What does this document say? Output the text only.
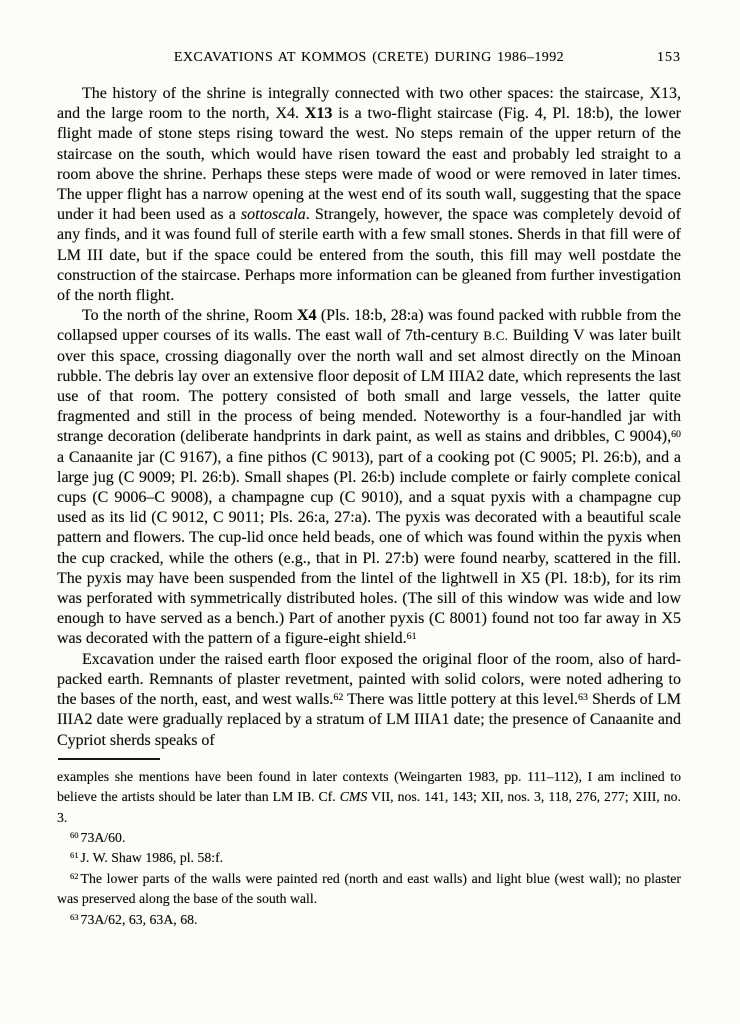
EXCAVATIONS AT KOMMOS (CRETE) DURING 1986–1992	153

The history of the shrine is integrally connected with two other spaces: the staircase, X13, and the large room to the north, X4. X13 is a two-flight staircase (Fig. 4, Pl. 18:b), the lower flight made of stone steps rising toward the west. No steps remain of the upper return of the staircase on the south, which would have risen toward the east and probably led straight to a room above the shrine. Perhaps these steps were made of wood or were removed in later times. The upper flight has a narrow opening at the west end of its south wall, suggesting that the space under it had been used as a sottoscala. Strangely, however, the space was completely devoid of any finds, and it was found full of sterile earth with a few small stones. Sherds in that fill were of LM III date, but if the space could be entered from the south, this fill may well postdate the construction of the staircase. Perhaps more information can be gleaned from further investigation of the north flight.

To the north of the shrine, Room X4 (Pls. 18:b, 28:a) was found packed with rubble from the collapsed upper courses of its walls. The east wall of 7th-century B.C. Building V was later built over this space, crossing diagonally over the north wall and set almost directly on the Minoan rubble. The debris lay over an extensive floor deposit of LM IIIA2 date, which represents the last use of that room. The pottery consisted of both small and large vessels, the latter quite fragmented and still in the process of being mended. Noteworthy is a four-handled jar with strange decoration (deliberate handprints in dark paint, as well as stains and dribbles, C 9004),$^{60}$ a Canaanite jar (C 9167), a fine pithos (C 9013), part of a cooking pot (C 9005; Pl. 26:b), and a large jug (C 9009; Pl. 26:b). Small shapes (Pl. 26:b) include complete or fairly complete conical cups (C 9006–C 9008), a champagne cup (C 9010), and a squat pyxis with a champagne cup used as its lid (C 9012, C 9011; Pls. 26:a, 27:a). The pyxis was decorated with a beautiful scale pattern and flowers. The cup-lid once held beads, one of which was found within the pyxis when the cup cracked, while the others (e.g., that in Pl. 27:b) were found nearby, scattered in the fill. The pyxis may have been suspended from the lintel of the lightwell in X5 (Pl. 18:b), for its rim was perforated with symmetrically distributed holes. (The sill of this window was wide and low enough to have served as a bench.) Part of another pyxis (C 8001) found not too far away in X5 was decorated with the pattern of a figure-eight shield.$^{61}$

Excavation under the raised earth floor exposed the original floor of the room, also of hard-packed earth. Remnants of plaster revetment, painted with solid colors, were noted adhering to the bases of the north, east, and west walls.$^{62}$ There was little pottery at this level.$^{63}$ Sherds of LM IIIA2 date were gradually replaced by a stratum of LM IIIA1 date; the presence of Canaanite and Cypriot sherds speaks of

examples she mentions have been found in later contexts (Weingarten 1983, pp. 111–112), I am inclined to believe the artists should be later than LM IB. Cf. CMS VII, nos. 141, 143; XII, nos. 3, 118, 276, 277; XIII, no. 3.

$^{60}$ 73A/60.

$^{61}$ J. W. Shaw 1986, pl. 58:f.

$^{62}$ The lower parts of the walls were painted red (north and east walls) and light blue (west wall); no plaster was preserved along the base of the south wall.

$^{63}$ 73A/62, 63, 63A, 68.
